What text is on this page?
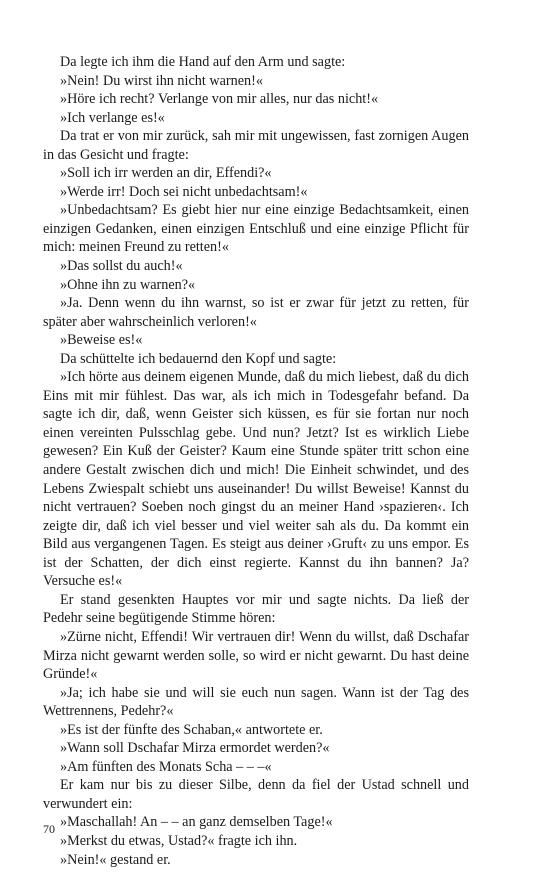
Da legte ich ihm die Hand auf den Arm und sagte:

»Nein! Du wirst ihn nicht warnen!«

»Höre ich recht? Verlange von mir alles, nur das nicht!«

»Ich verlange es!«

Da trat er von mir zurück, sah mir mit ungewissen, fast zornigen Augen in das Gesicht und fragte:

»Soll ich irr werden an dir, Effendi?«

»Werde irr! Doch sei nicht unbedachtsam!«

»Unbedachtsam? Es giebt hier nur eine einzige Bedachtsamkeit, einen einzigen Gedanken, einen einzigen Entschluß und eine einzige Pflicht für mich: meinen Freund zu retten!«

»Das sollst du auch!«

»Ohne ihn zu warnen?«

»Ja. Denn wenn du ihn warnst, so ist er zwar für jetzt zu retten, für später aber wahrscheinlich verloren!«

»Beweise es!«

Da schüttelte ich bedauernd den Kopf und sagte:

»Ich hörte aus deinem eigenen Munde, daß du mich liebest, daß du dich Eins mit mir fühlest. Das war, als ich mich in Todesgefahr befand. Da sagte ich dir, daß, wenn Geister sich küssen, es für sie fortan nur noch einen vereinten Pulsschlag gebe. Und nun? Jetzt? Ist es wirklich Liebe gewesen? Ein Kuß der Geister? Kaum eine Stunde später tritt schon eine andere Gestalt zwischen dich und mich! Die Einheit schwindet, und des Lebens Zwiespalt schiebt uns auseinander! Du willst Beweise! Kannst du nicht vertrauen? Soeben noch gingst du an meiner Hand ›spazieren‹. Ich zeigte dir, daß ich viel besser und viel weiter sah als du. Da kommt ein Bild aus vergangenen Tagen. Es steigt aus deiner ›Gruft‹ zu uns empor. Es ist der Schatten, der dich einst regierte. Kannst du ihn bannen? Ja? Versuche es!«

Er stand gesenkten Hauptes vor mir und sagte nichts. Da ließ der Pedehr seine begütigende Stimme hören:

»Zürne nicht, Effendi! Wir vertrauen dir! Wenn du willst, daß Dschafar Mirza nicht gewarnt werden solle, so wird er nicht gewarnt. Du hast deine Gründe!«

»Ja; ich habe sie und will sie euch nun sagen. Wann ist der Tag des Wettrennens, Pedehr?«

»Es ist der fünfte des Schaban,« antwortete er.

»Wann soll Dschafar Mirza ermordet werden?«

»Am fünften des Monats Scha – – –«

Er kam nur bis zu dieser Silbe, denn da fiel der Ustad schnell und verwundert ein:

»Maschallah! An – – an ganz demselben Tage!«

»Merkst du etwas, Ustad?« fragte ich ihn.

»Nein!« gestand er.

70
